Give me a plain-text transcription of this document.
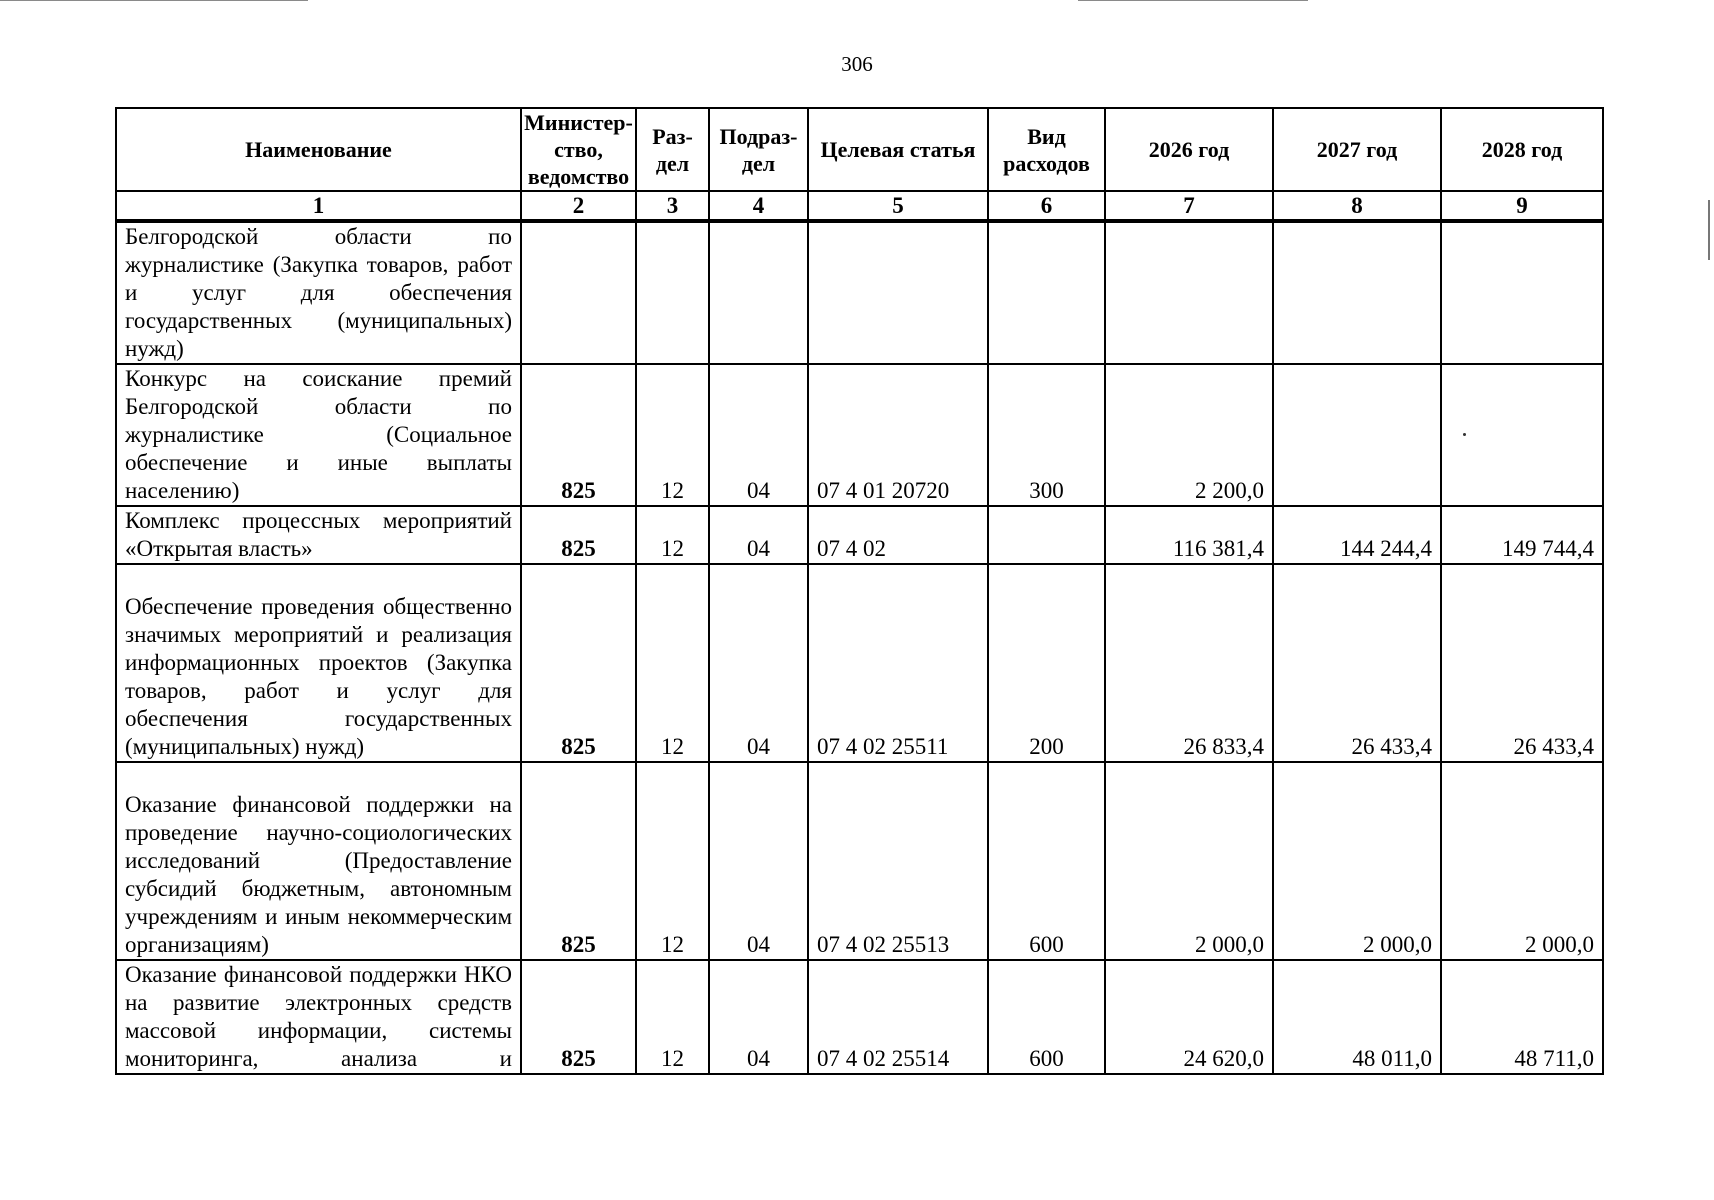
306
Наименование	Министер-ство, ведомство	Раз-дел	Подраз-дел	Целевая статья	Вид расходов	2026 год	2027 год	2028 год
1	2	3	4	5	6	7	8	9
Белгородской области по журналистике (Закупка товаров, работ и услуг для обеспечения государственных (муниципальных) нужд)								
Конкурс на соискание премий Белгородской области по журналистике (Социальное обеспечение и иные выплаты населению)	825	12	04	07 4 01 20720	300	2 200,0		
Комплекс процессных мероприятий «Открытая власть»	825	12	04	07 4 02		116 381,4	144 244,4	149 744,4
Обеспечение проведения общественно значимых мероприятий и реализация информационных проектов (Закупка товаров, работ и услуг для обеспечения государственных (муниципальных) нужд)	825	12	04	07 4 02 25511	200	26 833,4	26 433,4	26 433,4
Оказание финансовой поддержки на проведение научно-социологических исследований (Предоставление субсидий бюджетным, автономным учреждениям и иным некоммерческим организациям)	825	12	04	07 4 02 25513	600	2 000,0	2 000,0	2 000,0
Оказание финансовой поддержки НКО на развитие электронных средств массовой информации, системы мониторинга, анализа и	825	12	04	07 4 02 25514	600	24 620,0	48 011,0	48 711,0
